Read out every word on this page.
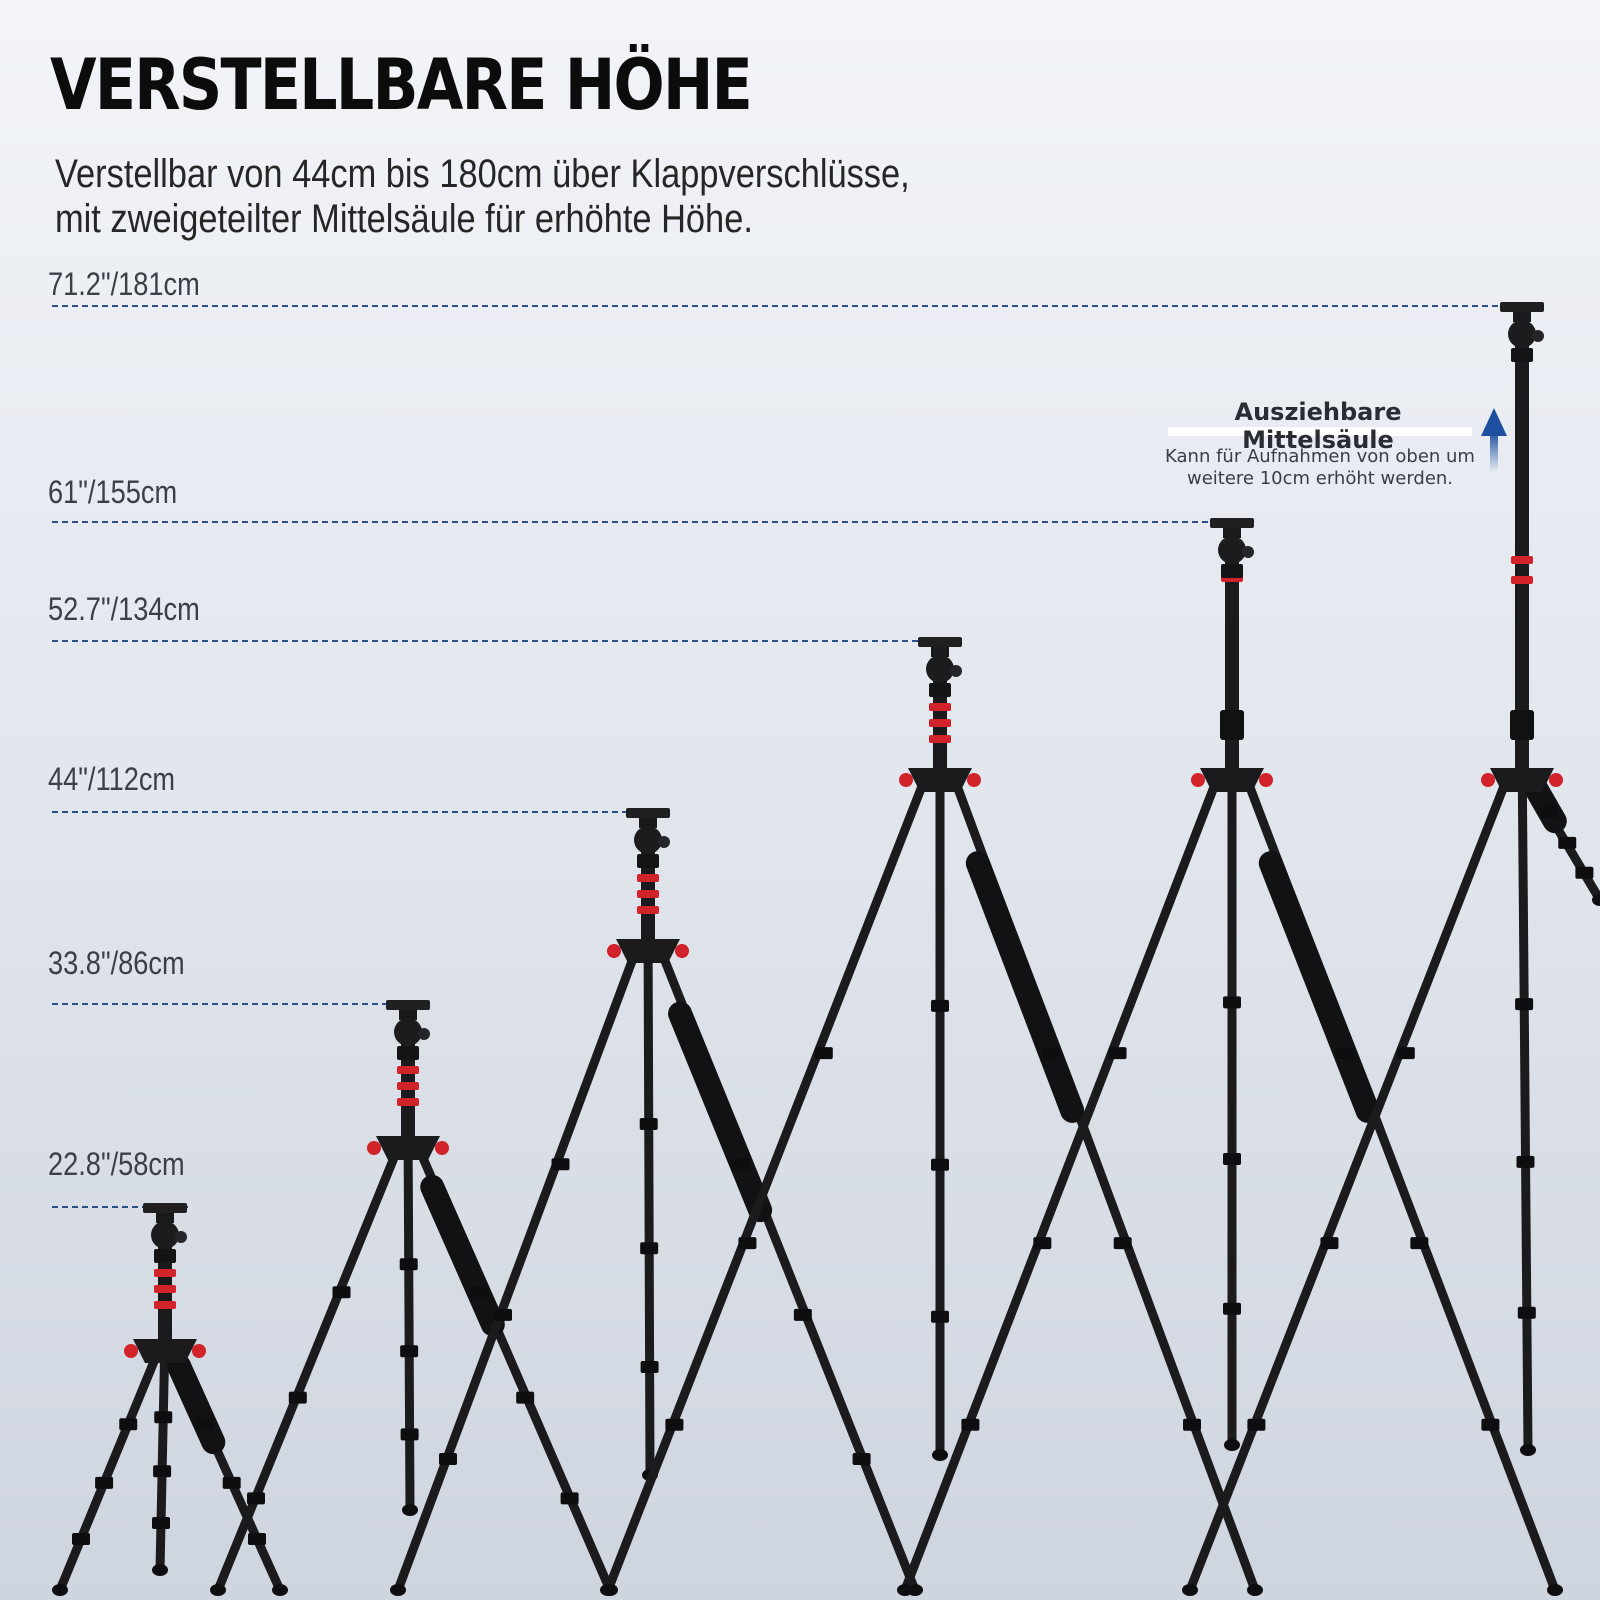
VERSTELLBARE HÖHE

Verstellbar von 44cm bis 180cm über Klappverschlüsse, mit zweigeteilter Mittelsäule für erhöhte Höhe.

71.2"/181cm
61"/155cm
52.7"/134cm
44"/112cm
33.8"/86cm
22.8"/58cm
Ausziehbare Mittelsäule
Kann für Aufnahmen von oben um weitere 10cm erhöht werden.
